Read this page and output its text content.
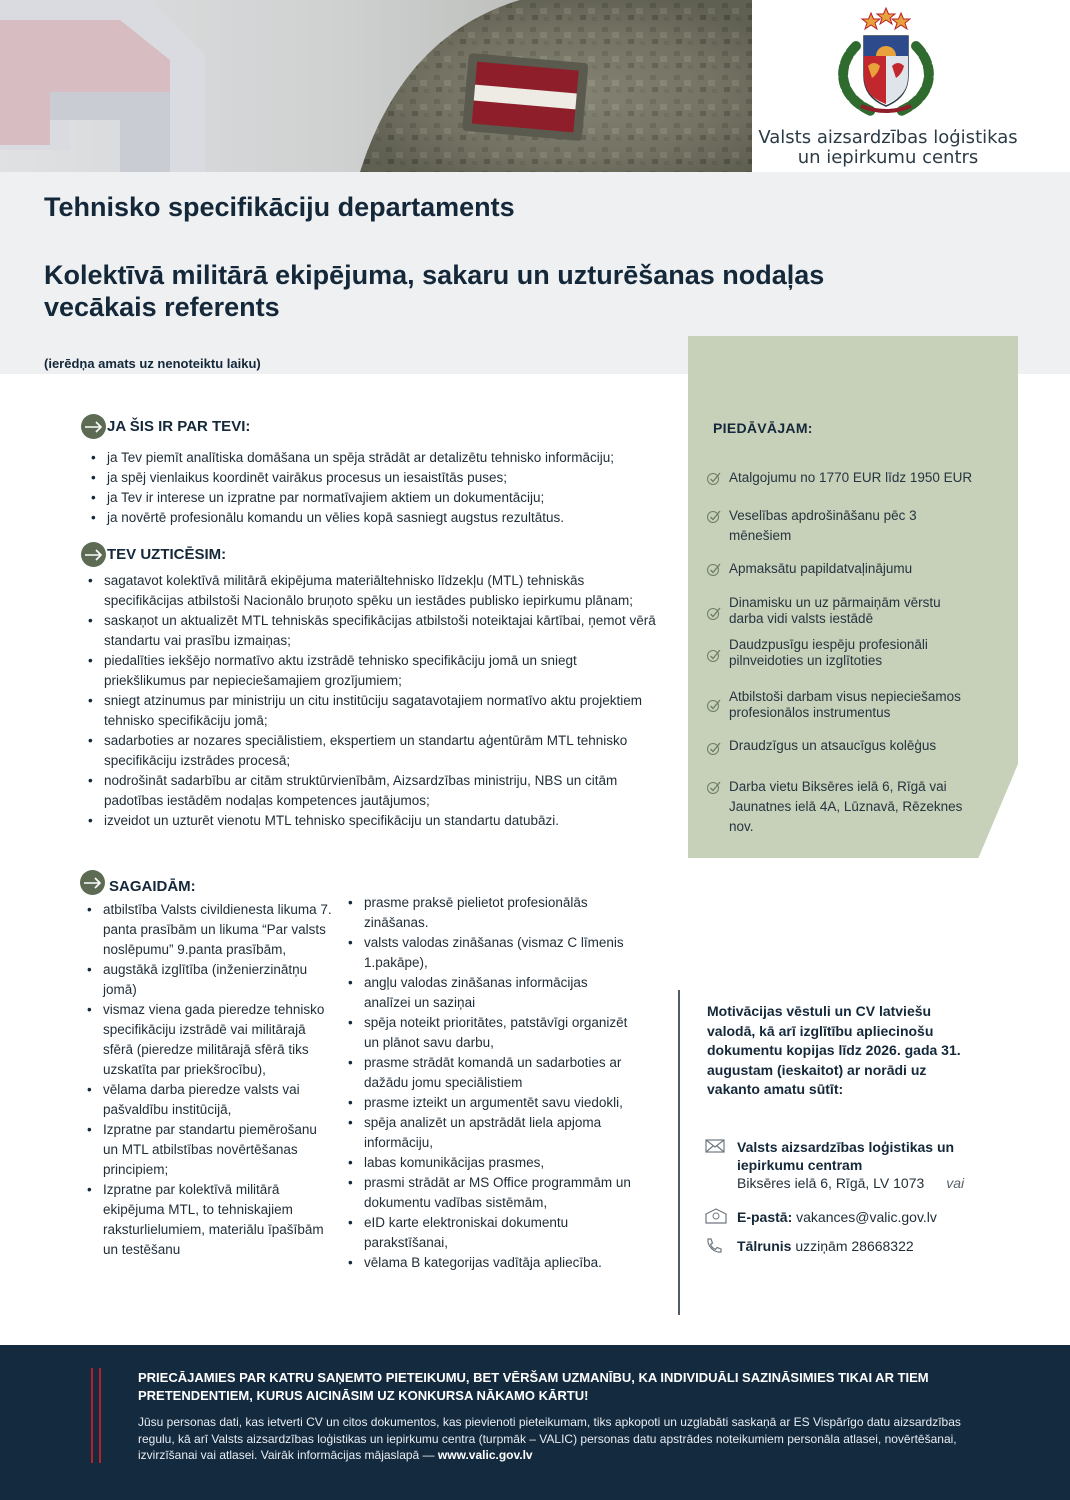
Valsts aizsardzības loģistikas
un iepirkumu centrs
Tehnisko specifikāciju departaments
Kolektīvā militārā ekipējuma, sakaru un uzturēšanas nodaļas
vecākais referents
(ierēdņa amats uz nenoteiktu laiku)
PIEDĀVĀJAM:
Atalgojumu no 1770 EUR līdz 1950 EUR
Veselības apdrošināšanu pēc 3 mēnešiem
Apmaksātu papildatvaļinājumu
Dinamisku un uz pārmaiņām vērstu darba vidi valsts iestādē
Daudzpusīgu iespēju profesionāli pilnveidoties un izglītoties
Atbilstoši darbam visus nepieciešamos profesionālos instrumentus
Draudzīgus un atsaucīgus kolēģus
Darba vietu Biksēres ielā 6, Rīgā vai Jaunatnes ielā 4A, Lūznavā, Rēzeknes nov.
JA ŠIS IR PAR TEVI:
• ja Tev piemīt analītiska domāšana un spēja strādāt ar detalizētu tehnisko informāciju;
• ja spēj vienlaikus koordinēt vairākus procesus un iesaistītās puses;
• ja Tev ir interese un izpratne par normatīvajiem aktiem un dokumentāciju;
• ja novērtē profesionālu komandu un vēlies kopā sasniegt augstus rezultātus.
TEV UZTICĒSIM:
• sagatavot kolektīvā militārā ekipējuma materiāltehnisko līdzekļu (MTL) tehniskās specifikācijas atbilstoši Nacionālo bruņoto spēku un iestādes publisko iepirkumu plānam;
• saskaņot un aktualizēt MTL tehniskās specifikācijas atbilstoši noteiktajai kārtībai, ņemot vērā standartu vai prasību izmaiņas;
• piedalīties iekšējo normatīvo aktu izstrādē tehnisko specifikāciju jomā un sniegt priekšlikumus par nepieciešamajiem grozījumiem;
• sniegt atzinumus par ministriju un citu institūciju sagatavotajiem normatīvo aktu projektiem tehnisko specifikāciju jomā;
• sadarboties ar nozares speciālistiem, ekspertiem un standartu aģentūrām MTL tehnisko specifikāciju izstrādes procesā;
• nodrošināt sadarbību ar citām struktūrvienībām, Aizsardzības ministriju, NBS un citām padotības iestādēm nodaļas kompetences jautājumos;
• izveidot un uzturēt vienotu MTL tehnisko specifikāciju un standartu datubāzi.
SAGAIDĀM:
• atbilstība Valsts civildienesta likuma 7. panta prasībām un likuma “Par valsts noslēpumu” 9.panta prasībām,
• augstākā izglītība (inženierzinātņu jomā)
• vismaz viena gada pieredze tehnisko specifikāciju izstrādē vai militārajā sfērā (pieredze militārajā sfērā tiks uzskatīta par priekšrocību),
• vēlama darba pieredze valsts vai pašvaldību institūcijā,
• Izpratne par standartu piemērošanu un MTL atbilstības novērtēšanas principiem;
• Izpratne par kolektīvā militārā ekipējuma MTL, to tehniskajiem raksturlielumiem, materiālu īpašībām un testēšanu
• prasme praksē pielietot profesionālās zināšanas.
• valsts valodas zināšanas (vismaz C līmenis 1.pakāpe),
• angļu valodas zināšanas informācijas analīzei un saziņai
• spēja noteikt prioritātes, patstāvīgi organizēt un plānot savu darbu,
• prasme strādāt komandā un sadarboties ar dažādu jomu speciālistiem
• prasme izteikt un argumentēt savu viedokli,
• spēja analizēt un apstrādāt liela apjoma informāciju,
• labas komunikācijas prasmes,
• prasmi strādāt ar MS Office programmām un dokumentu vadības sistēmām,
• eID karte elektroniskai dokumentu parakstīšanai,
• vēlama B kategorijas vadītāja apliecība.
Motivācijas vēstuli un CV latviešu valodā, kā arī izglītību apliecinošu dokumentu kopijas līdz 2026. gada 31. augustam (ieskaitot) ar norādi uz vakanto amatu sūtīt:
Valsts aizsardzības loģistikas un iepirkumu centram
Biksēres ielā 6, Rīgā, LV 1073 vai
E-pastā: vakances@valic.gov.lv
Tālrunis uzziņām 28668322
PRIECĀJAMIES PAR KATRU SAŅEMTO PIETEIKUMU, BET VĒRŠAM UZMANĪBU, KA INDIVIDUĀLI SAZINĀSIMIES TIKAI AR TIEM PRETENDENTIEM, KURUS AICINĀSIM UZ KONKURSA NĀKAMO KĀRTU!
Jūsu personas dati, kas ietverti CV un citos dokumentos, kas pievienoti pieteikumam, tiks apkopoti un uzglabāti saskaņā ar ES Vispārīgo datu aizsardzības regulu, kā arī Valsts aizsardzības loģistikas un iepirkumu centra (turpmāk – VALIC) personas datu apstrādes noteikumiem personāla atlasei, novērtēšanai, izvirzīšanai vai atlasei. Vairāk informācijas mājaslapā — www.valic.gov.lv
